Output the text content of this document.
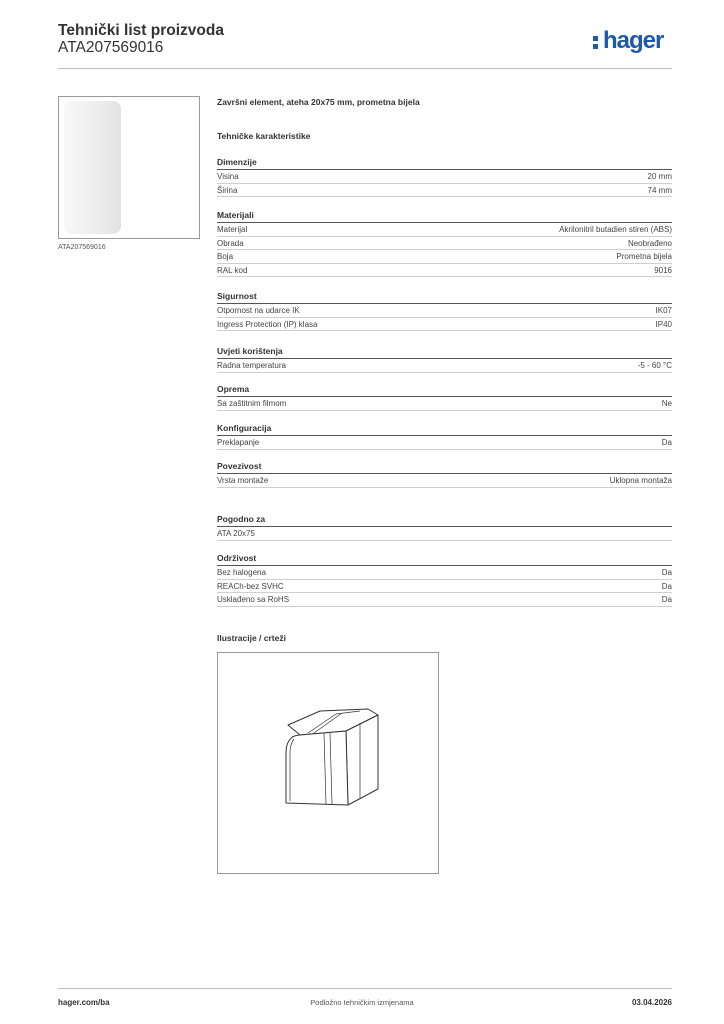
Tehnički list proizvoda
ATA207569016	hager
ATA207569016
Završni element, ateha 20x75 mm, prometna bijela
Tehničke karakteristike
Dimenzije
Visina	20 mm
Širina	74 mm
Materijali
Materijal	Akrilonitril butadien stiren (ABS)
Obrada	Neobrađeno
Boja	Prometna bijela
RAL kod	9016
Sigurnost
Otpornost na udarce IK	IK07
Ingress Protection (IP) klasa	IP40
Uvjeti korištenja
Radna temperatura	-5 - 60 °C
Oprema
Sa zaštitnim filmom	Ne
Konfiguracija
Preklapanje	Da
Povezivost
Vrsta montaže	Uklopna montaža
Pogodno za
ATA 20x75
Održivost
Bez halogena	Da
REACh-bez SVHC	Da
Usklađeno sa RoHS	Da
Ilustracije / crteži
hager.com/ba	Podložno tehničkim izmjenama	03.04.2026
